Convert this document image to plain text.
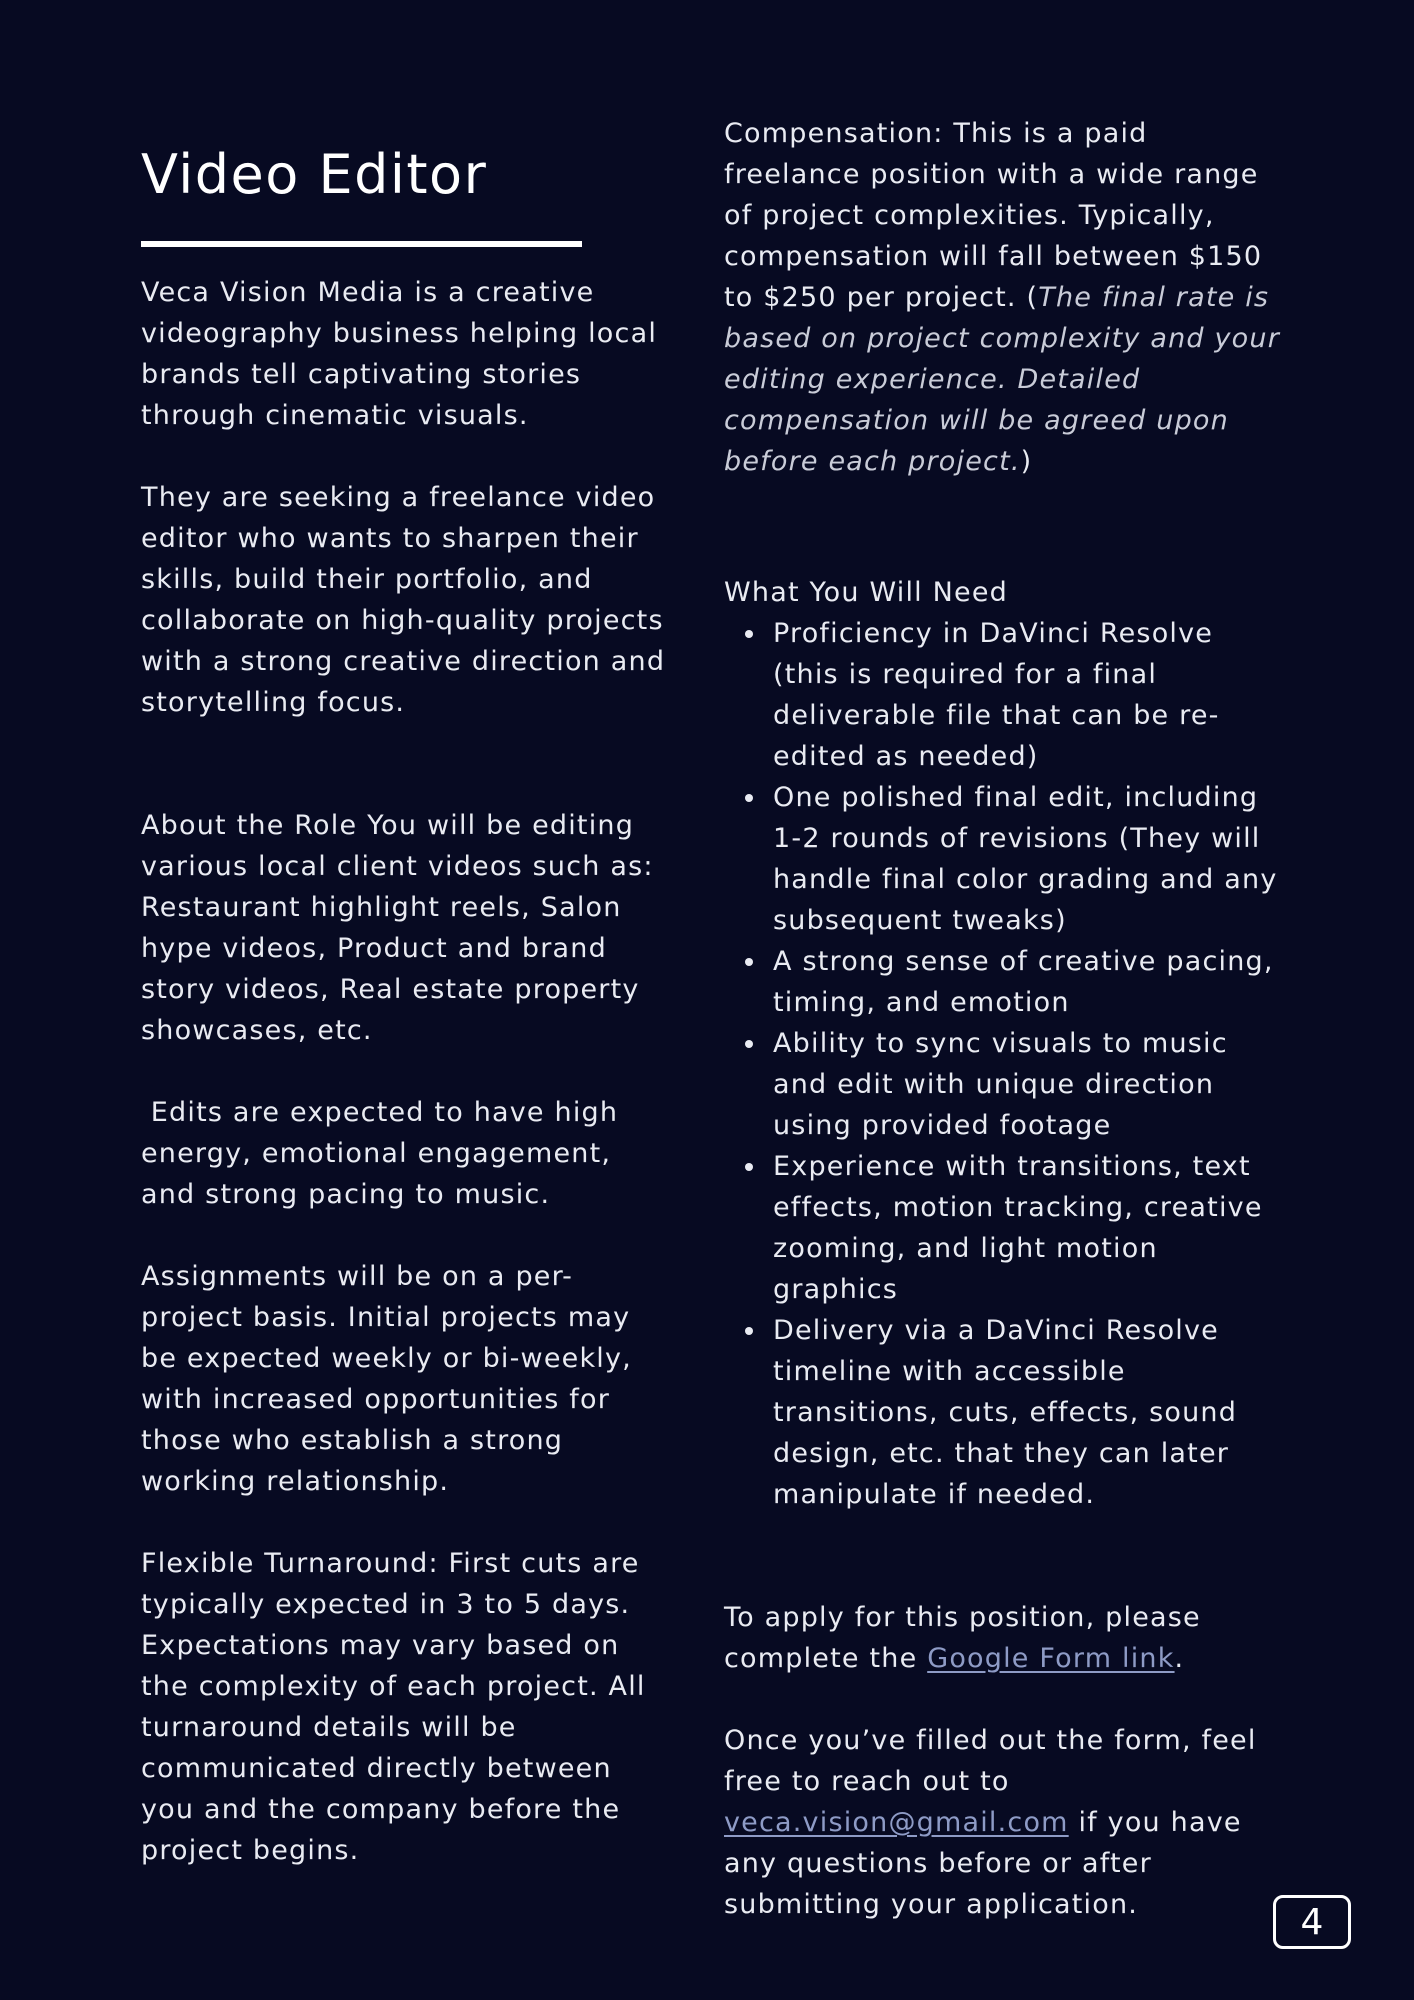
Video Editor

Veca Vision Media is a creative videography business helping local brands tell captivating stories through cinematic visuals.

They are seeking a freelance video editor who wants to sharpen their skills, build their portfolio, and collaborate on high-quality projects with a strong creative direction and storytelling focus.

About the Role You will be editing various local client videos such as: Restaurant highlight reels, Salon hype videos, Product and brand story videos, Real estate property showcases, etc.

Edits are expected to have high energy, emotional engagement, and strong pacing to music.

Assignments will be on a per-project basis. Initial projects may be expected weekly or bi-weekly, with increased opportunities for those who establish a strong working relationship.

Flexible Turnaround: First cuts are typically expected in 3 to 5 days. Expectations may vary based on the complexity of each project. All turnaround details will be communicated directly between you and the company before the project begins.

Compensation: This is a paid freelance position with a wide range of project complexities. Typically, compensation will fall between $150 to $250 per project. (The final rate is based on project complexity and your editing experience. Detailed compensation will be agreed upon before each project.)

What You Will Need

Proficiency in DaVinci Resolve (this is required for a final deliverable file that can be re-edited as needed)
One polished final edit, including 1-2 rounds of revisions (They will handle final color grading and any subsequent tweaks)
A strong sense of creative pacing, timing, and emotion
Ability to sync visuals to music and edit with unique direction using provided footage
Experience with transitions, text effects, motion tracking, creative zooming, and light motion graphics
Delivery via a DaVinci Resolve timeline with accessible transitions, cuts, effects, sound design, etc. that they can later manipulate if needed.

To apply for this position, please complete the Google Form link.

Once you’ve filled out the form, feel free to reach out to veca.vision@gmail.com if you have any questions before or after submitting your application.	4
